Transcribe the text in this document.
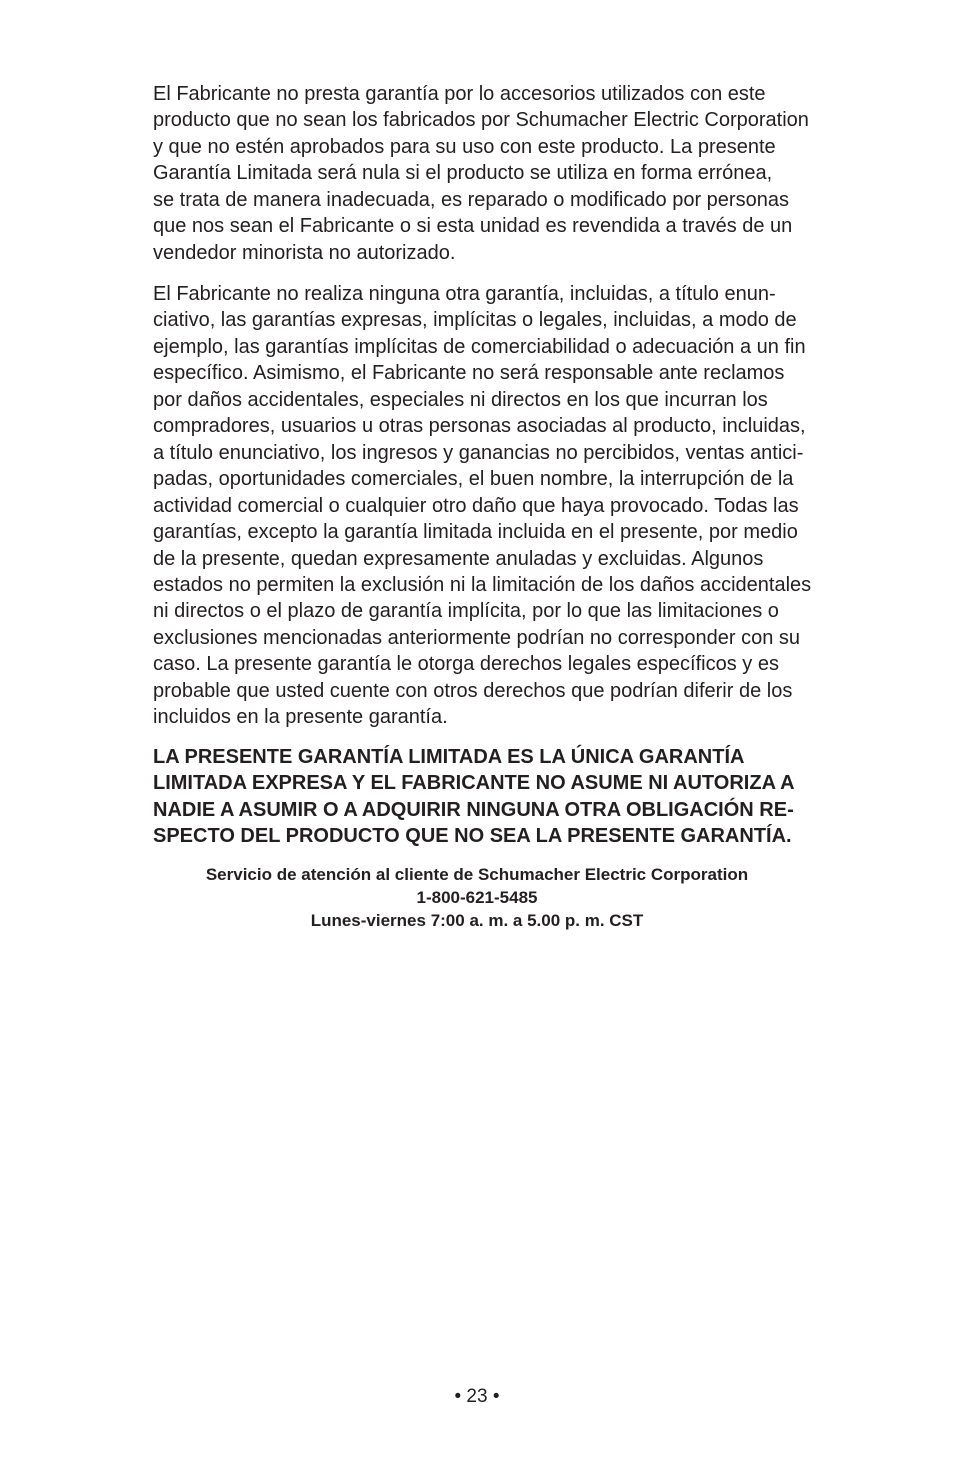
El Fabricante no presta garantía por lo accesorios utilizados con este
producto que no sean los fabricados por Schumacher Electric Corporation
y que no estén aprobados para su uso con este producto. La presente
Garantía Limitada será nula si el producto se utiliza en forma errónea,
se trata de manera inadecuada, es reparado o modificado por personas
que nos sean el Fabricante o si esta unidad es revendida a través de un
vendedor minorista no autorizado.

El Fabricante no realiza ninguna otra garantía, incluidas, a título enun-
ciativo, las garantías expresas, implícitas o legales, incluidas, a modo de
ejemplo, las garantías implícitas de comerciabilidad o adecuación a un fin
específico. Asimismo, el Fabricante no será responsable ante reclamos
por daños accidentales, especiales ni directos en los que incurran los
compradores, usuarios u otras personas asociadas al producto, incluidas,
a título enunciativo, los ingresos y ganancias no percibidos, ventas antici-
padas, oportunidades comerciales, el buen nombre, la interrupción de la
actividad comercial o cualquier otro daño que haya provocado. Todas las
garantías, excepto la garantía limitada incluida en el presente, por medio
de la presente, quedan expresamente anuladas y excluidas. Algunos
estados no permiten la exclusión ni la limitación de los daños accidentales
ni directos o el plazo de garantía implícita, por lo que las limitaciones o
exclusiones mencionadas anteriormente podrían no corresponder con su
caso. La presente garantía le otorga derechos legales específicos y es
probable que usted cuente con otros derechos que podrían diferir de los
incluidos en la presente garantía.

LA PRESENTE GARANTÍA LIMITADA ES LA ÚNICA GARANTÍA
LIMITADA EXPRESA Y EL FABRICANTE NO ASUME NI AUTORIZA A
NADIE A ASUMIR O A ADQUIRIR NINGUNA OTRA OBLIGACIÓN RE-
SPECTO DEL PRODUCTO QUE NO SEA LA PRESENTE GARANTÍA.

Servicio de atención al cliente de Schumacher Electric Corporation

1-800-621-5485

Lunes-viernes 7:00 a. m. a 5.00 p. m. CST

• 23 •
